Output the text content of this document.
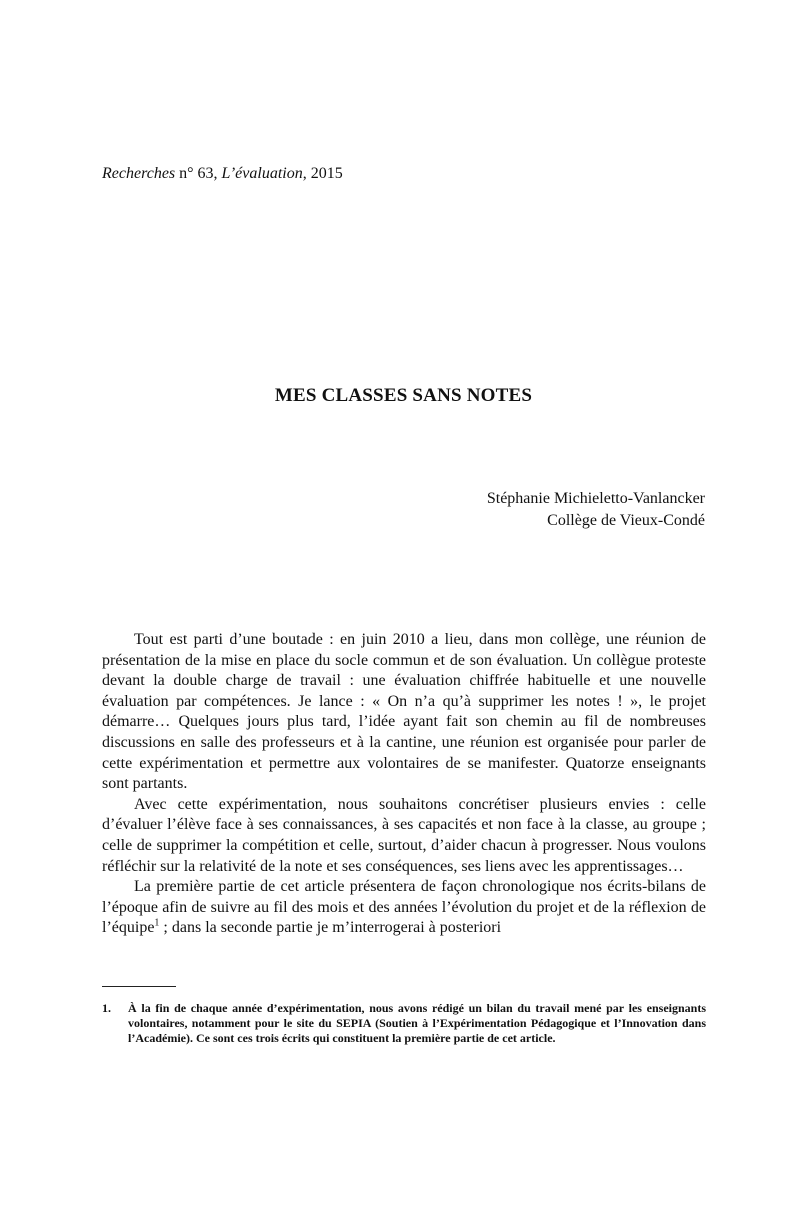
Recherches n° 63, L’évaluation, 2015
MES CLASSES SANS NOTES
Stéphanie Michieletto-Vanlancker
Collège de Vieux-Condé

Tout est parti d’une boutade : en juin 2010 a lieu, dans mon collège, une réunion de présentation de la mise en place du socle commun et de son évaluation. Un collègue proteste devant la double charge de travail : une évaluation chiffrée habituelle et une nouvelle évaluation par compétences. Je lance : « On n’a qu’à supprimer les notes ! », le projet démarre… Quelques jours plus tard, l’idée ayant fait son chemin au fil de nombreuses discussions en salle des professeurs et à la cantine, une réunion est organisée pour parler de cette expérimentation et permettre aux volontaires de se manifester. Quatorze enseignants sont partants.

Avec cette expérimentation, nous souhaitons concrétiser plusieurs envies : celle d’évaluer l’élève face à ses connaissances, à ses capacités et non face à la classe, au groupe ; celle de supprimer la compétition et celle, surtout, d’aider chacun à progresser. Nous voulons réfléchir sur la relativité de la note et ses conséquences, ses liens avec les apprentissages…

La première partie de cet article présentera de façon chronologique nos écrits-bilans de l’époque afin de suivre au fil des mois et des années l’évolution du projet et de la réflexion de l’équipe$^1$ ; dans la seconde partie je m’interrogerai à posteriori

1.	À la fin de chaque année d’expérimentation, nous avons rédigé un bilan du travail mené par les enseignants volontaires, notamment pour le site du SEPIA (Soutien à l’Expérimentation Pédagogique et l’Innovation dans l’Académie). Ce sont ces trois écrits qui constituent la première partie de cet article.
